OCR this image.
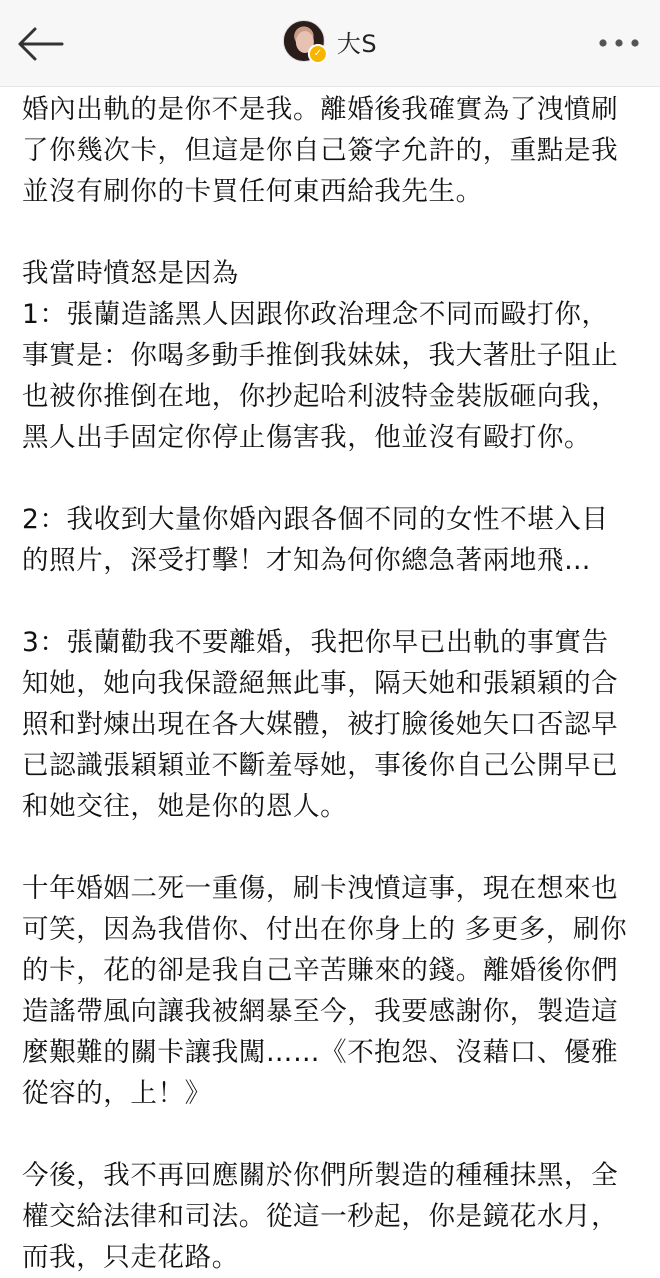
✓ 大S

婚內出軌的是你不是我。離婚後我確實為了洩憤刷
了你幾次卡，但這是你自己簽字允許的，重點是我
並沒有刷你的卡買任何東西給我先生。

我當時憤怒是因為
1：張蘭造謠黑人因跟你政治理念不同而毆打你，
事實是：你喝多動手推倒我妹妹，我大著肚子阻止
也被你推倒在地，你抄起哈利波特金裝版砸向我，
黑人出手固定你停止傷害我，他並沒有毆打你。

2：我收到大量你婚內跟各個不同的女性不堪入目
的照片，深受打擊！才知為何你總急著兩地飛…

3：張蘭勸我不要離婚，我把你早已出軌的事實告
知她，她向我保證絕無此事，隔天她和張穎穎的合
照和對煉出現在各大媒體，被打臉後她矢口否認早
已認識張穎穎並不斷羞辱她，事後你自己公開早已
和她交往，她是你的恩人。

十年婚姻二死一重傷，刷卡洩憤這事，現在想來也
可笑，因為我借你、付出在你身上的 多更多，刷你
的卡，花的卻是我自己辛苦賺來的錢。離婚後你們
造謠帶風向讓我被網暴至今，我要感謝你，製造這
麼艱難的關卡讓我闖……《不抱怨、沒藉口、優雅
從容的，上！》

今後，我不再回應關於你們所製造的種種抹黑，全
權交給法律和司法。從這一秒起，你是鏡花水月，
而我，只走花路。
